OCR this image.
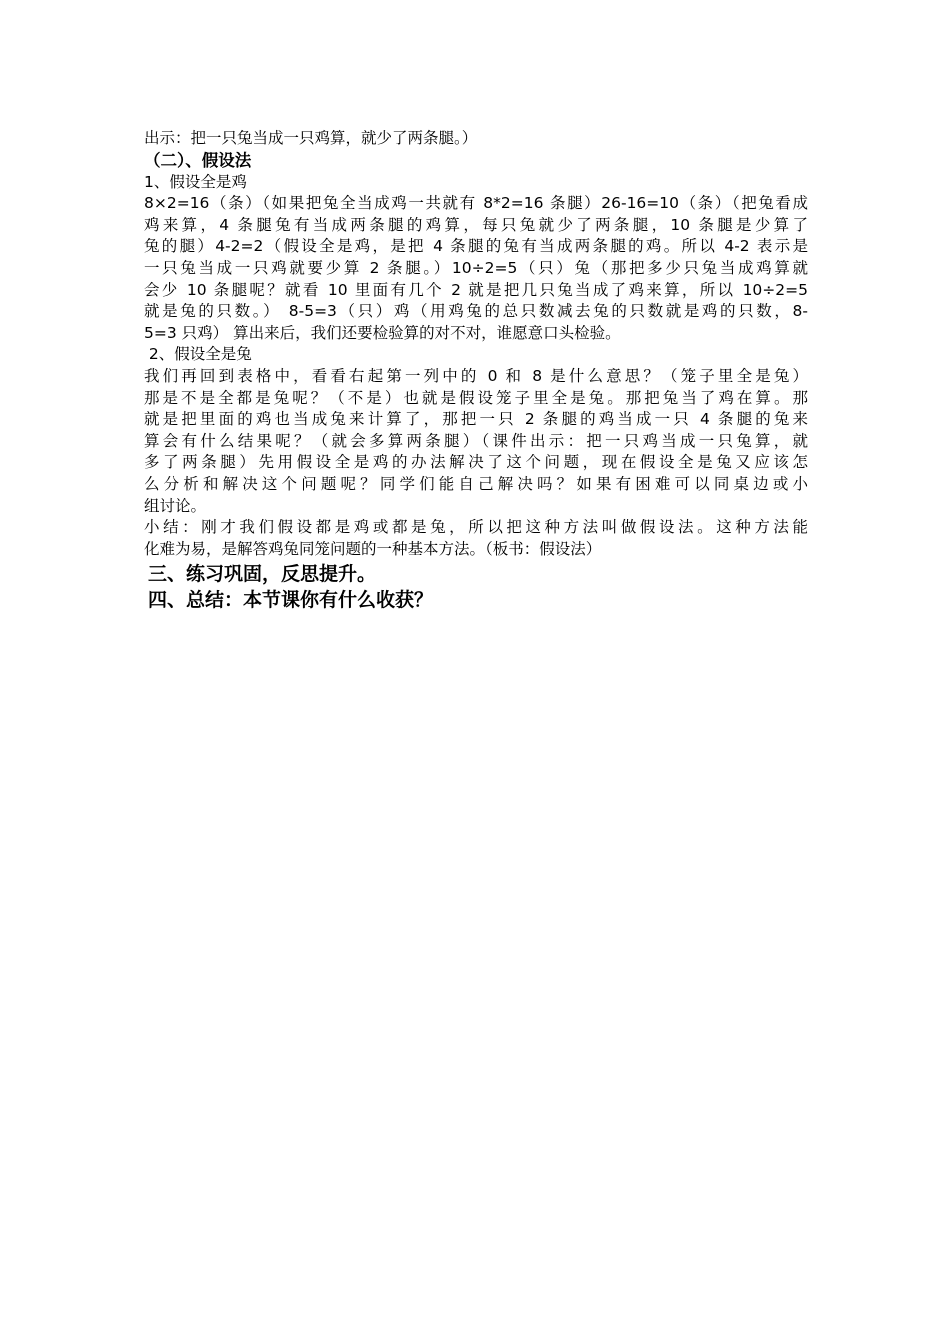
出示：把一只兔当成一只鸡算，就少了两条腿。）
（二）、假设法
1、假设全是鸡
8×2=16（条）（如果把兔全当成鸡一共就有 8*2=16 条腿）26-16=10（条）（把兔看成
鸡来算，4 条腿兔有当成两条腿的鸡算，每只兔就少了两条腿，10 条腿是少算了
兔的腿）4-2=2（假设全是鸡，是把 4 条腿的兔有当成两条腿的鸡。所以 4-2 表示是
一只兔当成一只鸡就要少算 2 条腿。）10÷2=5（只）兔（那把多少只兔当成鸡算就
会少 10 条腿呢？就看 10 里面有几个 2 就是把几只兔当成了鸡来算，所以 10÷2=5
就是兔的只数。） 8-5=3（只）鸡（用鸡兔的总只数减去兔的只数就是鸡的只数，8-
5=3 只鸡） 算出来后，我们还要检验算的对不对，谁愿意口头检验。
2、假设全是兔
我们再回到表格中，看看右起第一列中的 0 和 8 是什么意思？（笼子里全是兔）
那是不是全都是兔呢？（不是）也就是假设笼子里全是兔。那把兔当了鸡在算。那
就是把里面的鸡也当成兔来计算了，那把一只 2 条腿的鸡当成一只 4 条腿的兔来
算会有什么结果呢？（就会多算两条腿）（课件出示：把一只鸡当成一只兔算，就
多了两条腿）先用假设全是鸡的办法解决了这个问题，现在假设全是兔又应该怎
么分析和解决这个问题呢？同学们能自己解决吗？如果有困难可以同桌边或小
组讨论。
小结：刚才我们假设都是鸡或都是兔，所以把这种方法叫做假设法。这种方法能
化难为易，是解答鸡兔同笼问题的一种基本方法。（板书：假设法）
三、练习巩固，反思提升。
四、总结：本节课你有什么收获？
